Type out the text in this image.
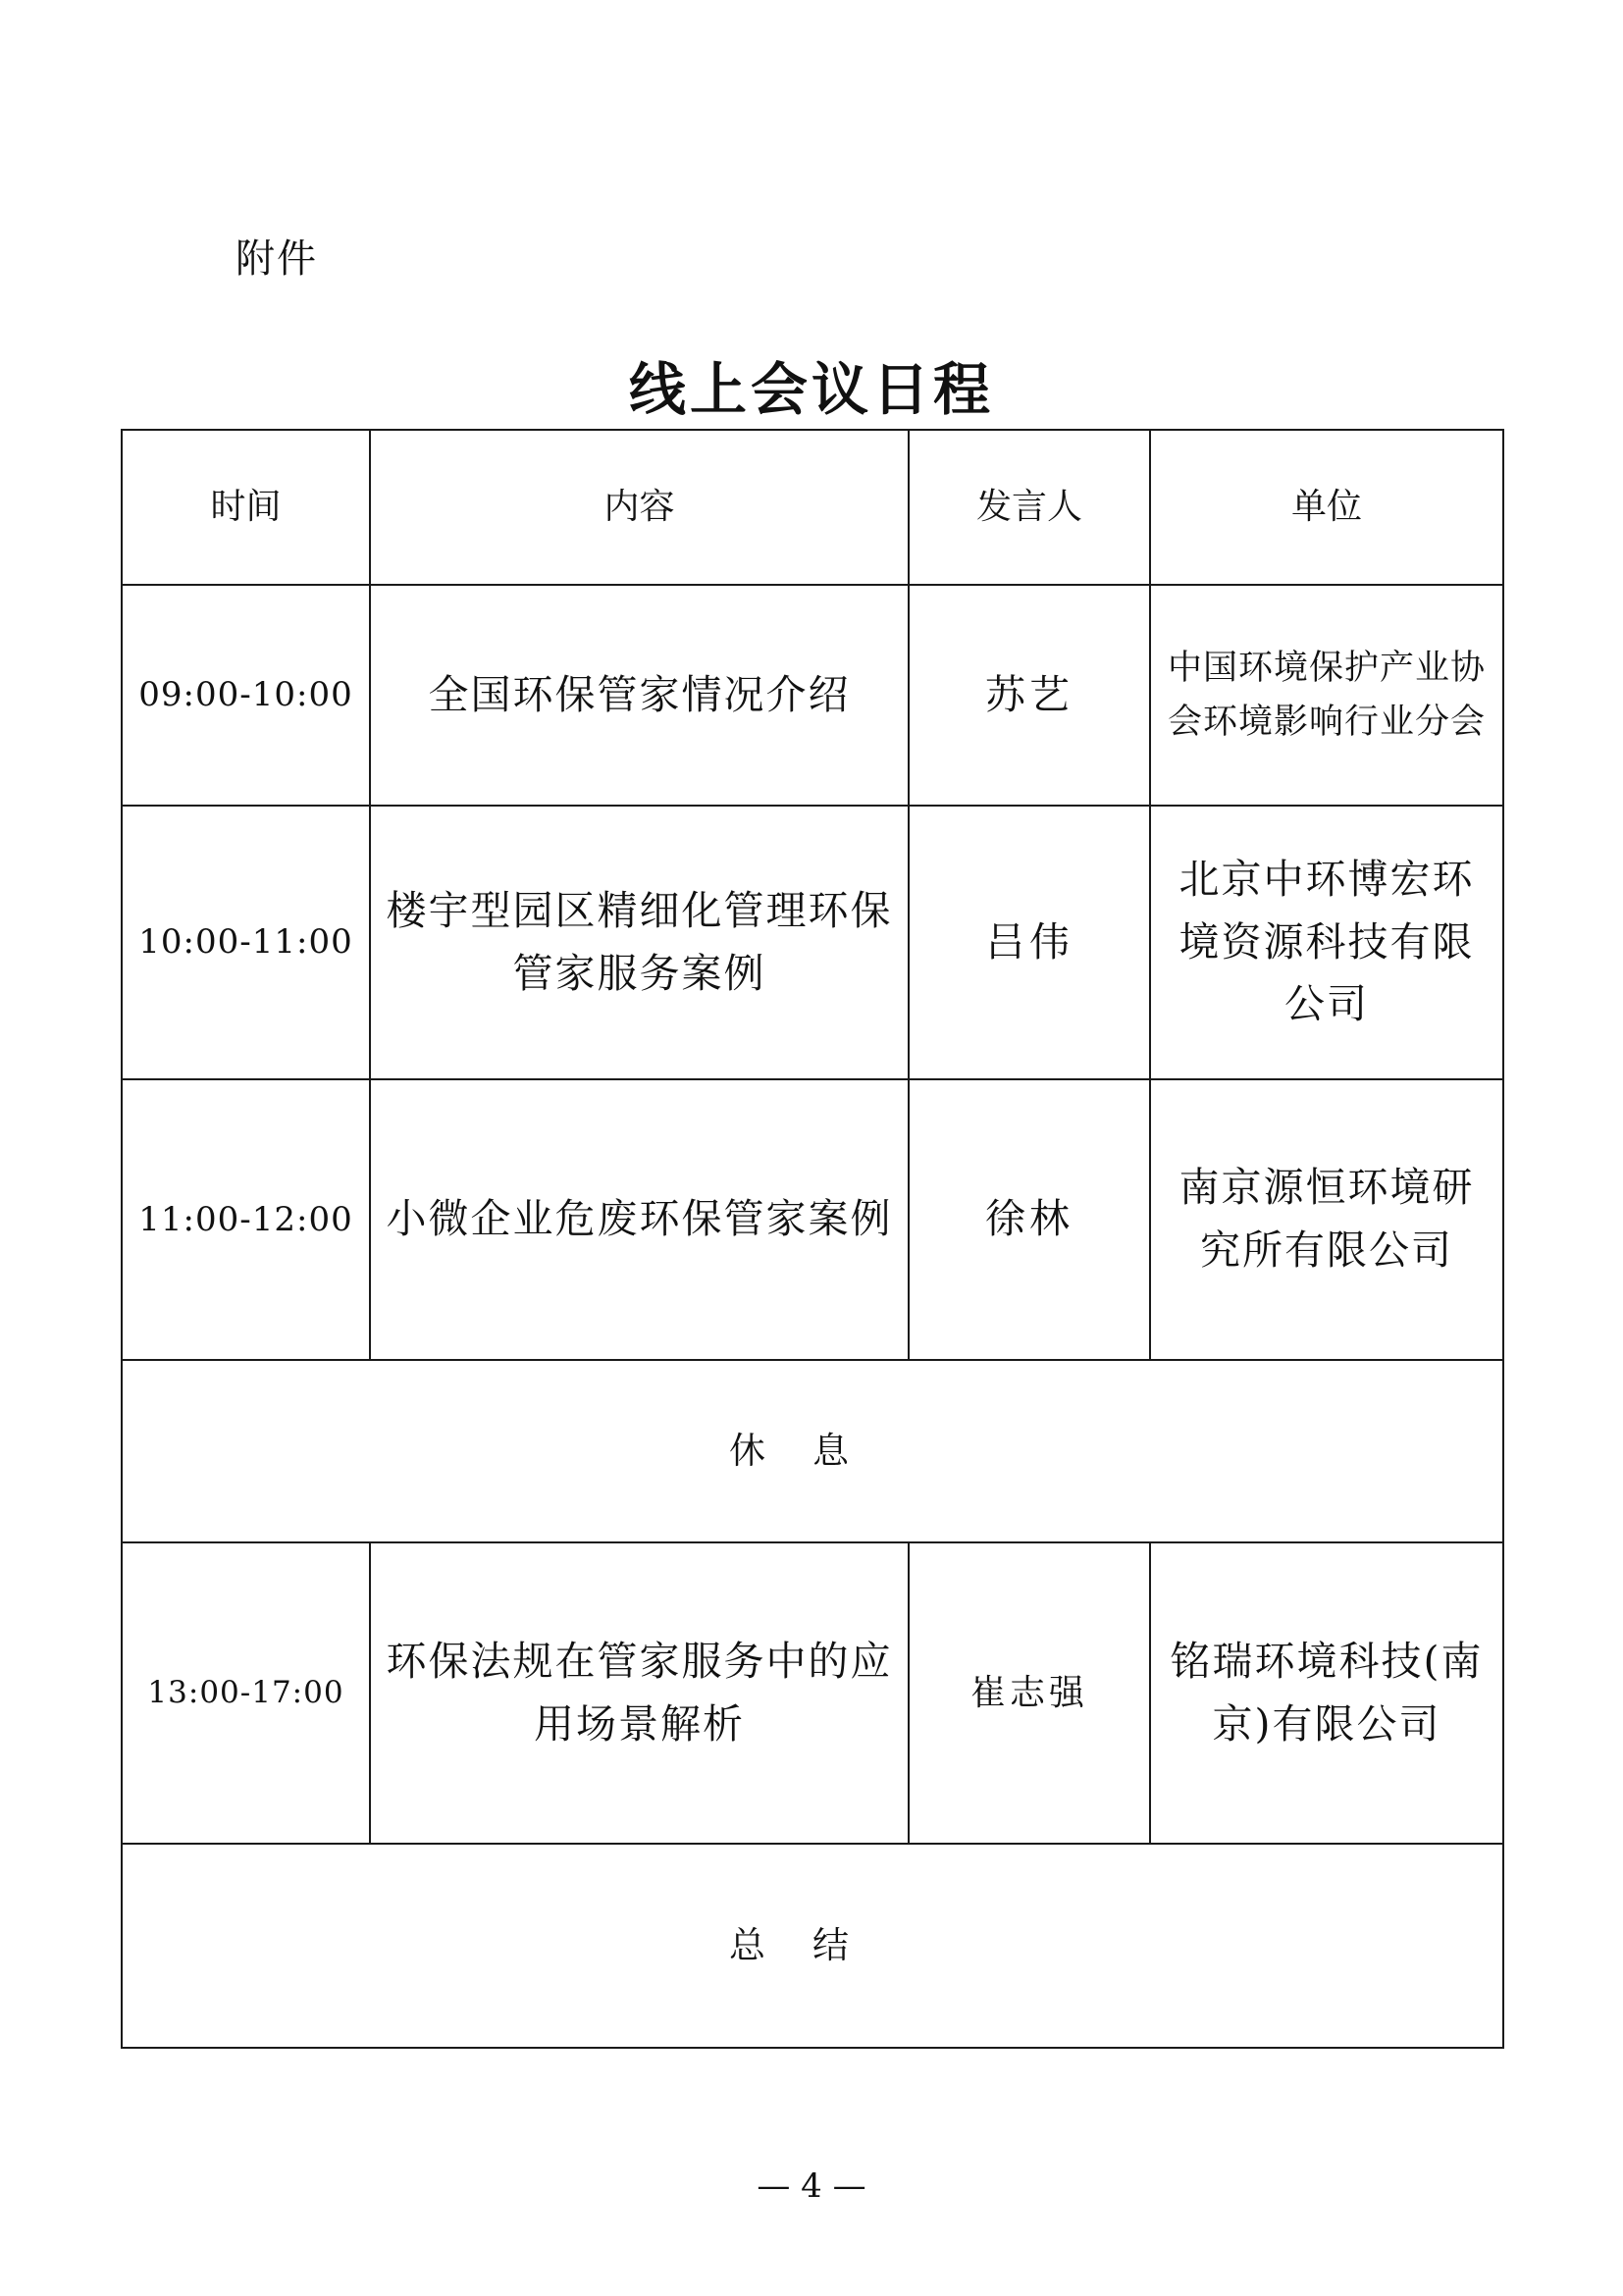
附件
线上会议日程
时间	内容	发言人	单位
09:00-10:00	全国环保管家情况介绍	苏艺	中国环境保护产业协会环境影响行业分会
10:00-11:00	楼宇型园区精细化管理环保管家服务案例	吕伟	北京中环博宏环境资源科技有限公司
11:00-12:00	小微企业危废环保管家案例	徐林	南京源恒环境研究所有限公司
休息			
13:00-17:00	环保法规在管家服务中的应用场景解析	崔志强	铭瑞环境科技(南京)有限公司
总结			
— 4 —
